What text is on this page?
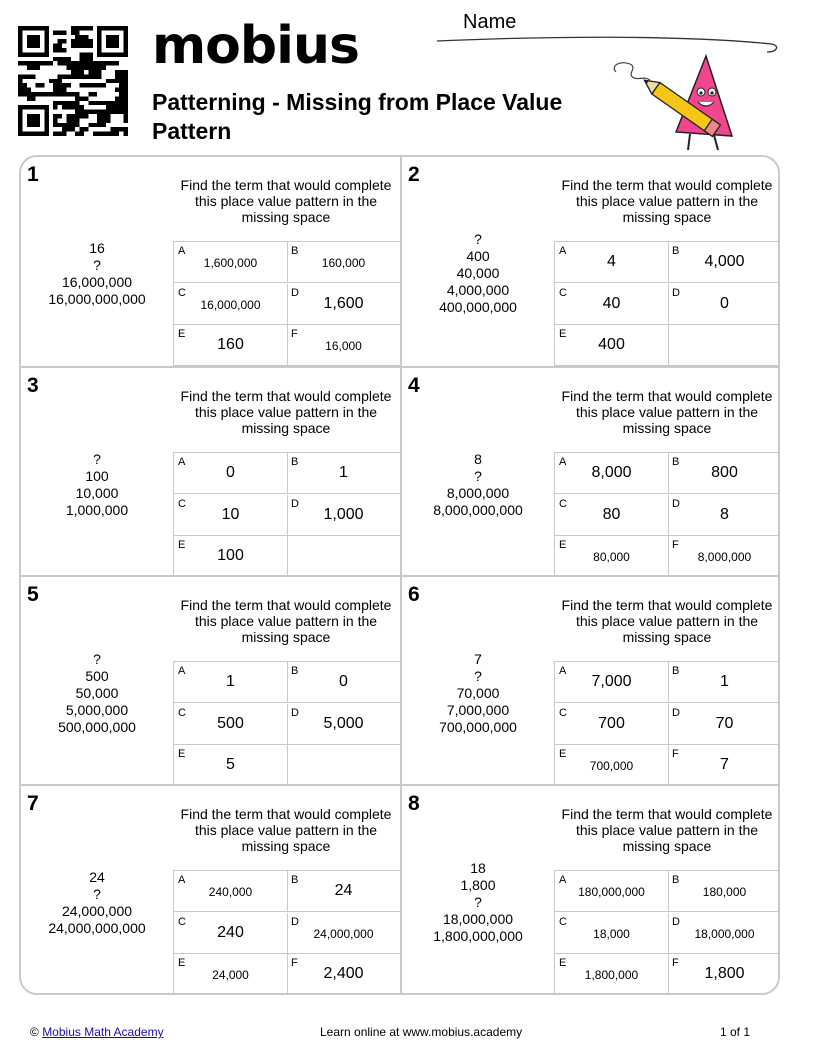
mobius
Patterning - Missing from Place Value Pattern
Name
1	Find the term that would complete this place value pattern in the missing space
16
?
16,000,000
16,000,000,000
A
1,600,000
B
160,000
C
16,000,000
D
1,600
E
160
F
16,000
2	Find the term that would complete this place value pattern in the missing space
?
400
40,000
4,000,000
400,000,000
A
4
B
4,000
C
40
D
0
E
400
3	Find the term that would complete this place value pattern in the missing space
?
100
10,000
1,000,000
A
0
B
1
C
10
D
1,000
E
100
4	Find the term that would complete this place value pattern in the missing space
8
?
8,000,000
8,000,000,000
A
8,000
B
800
C
80
D
8
E
80,000
F
8,000,000
5	Find the term that would complete this place value pattern in the missing space
?
500
50,000
5,000,000
500,000,000
A
1
B
0
C
500
D
5,000
E
5
6	Find the term that would complete this place value pattern in the missing space
7
?
70,000
7,000,000
700,000,000
A
7,000
B
1
C
700
D
70
E
700,000
F
7
7	Find the term that would complete this place value pattern in the missing space
24
?
24,000,000
24,000,000,000
A
240,000
B
24
C
240
D
24,000,000
E
24,000
F
2,400
8	Find the term that would complete this place value pattern in the missing space
18
1,800
?
18,000,000
1,800,000,000
A
180,000,000
B
180,000
C
18,000
D
18,000,000
E
1,800,000
F
1,800
© Mobius Math Academy	Learn online at www.mobius.academy	1 of 1
